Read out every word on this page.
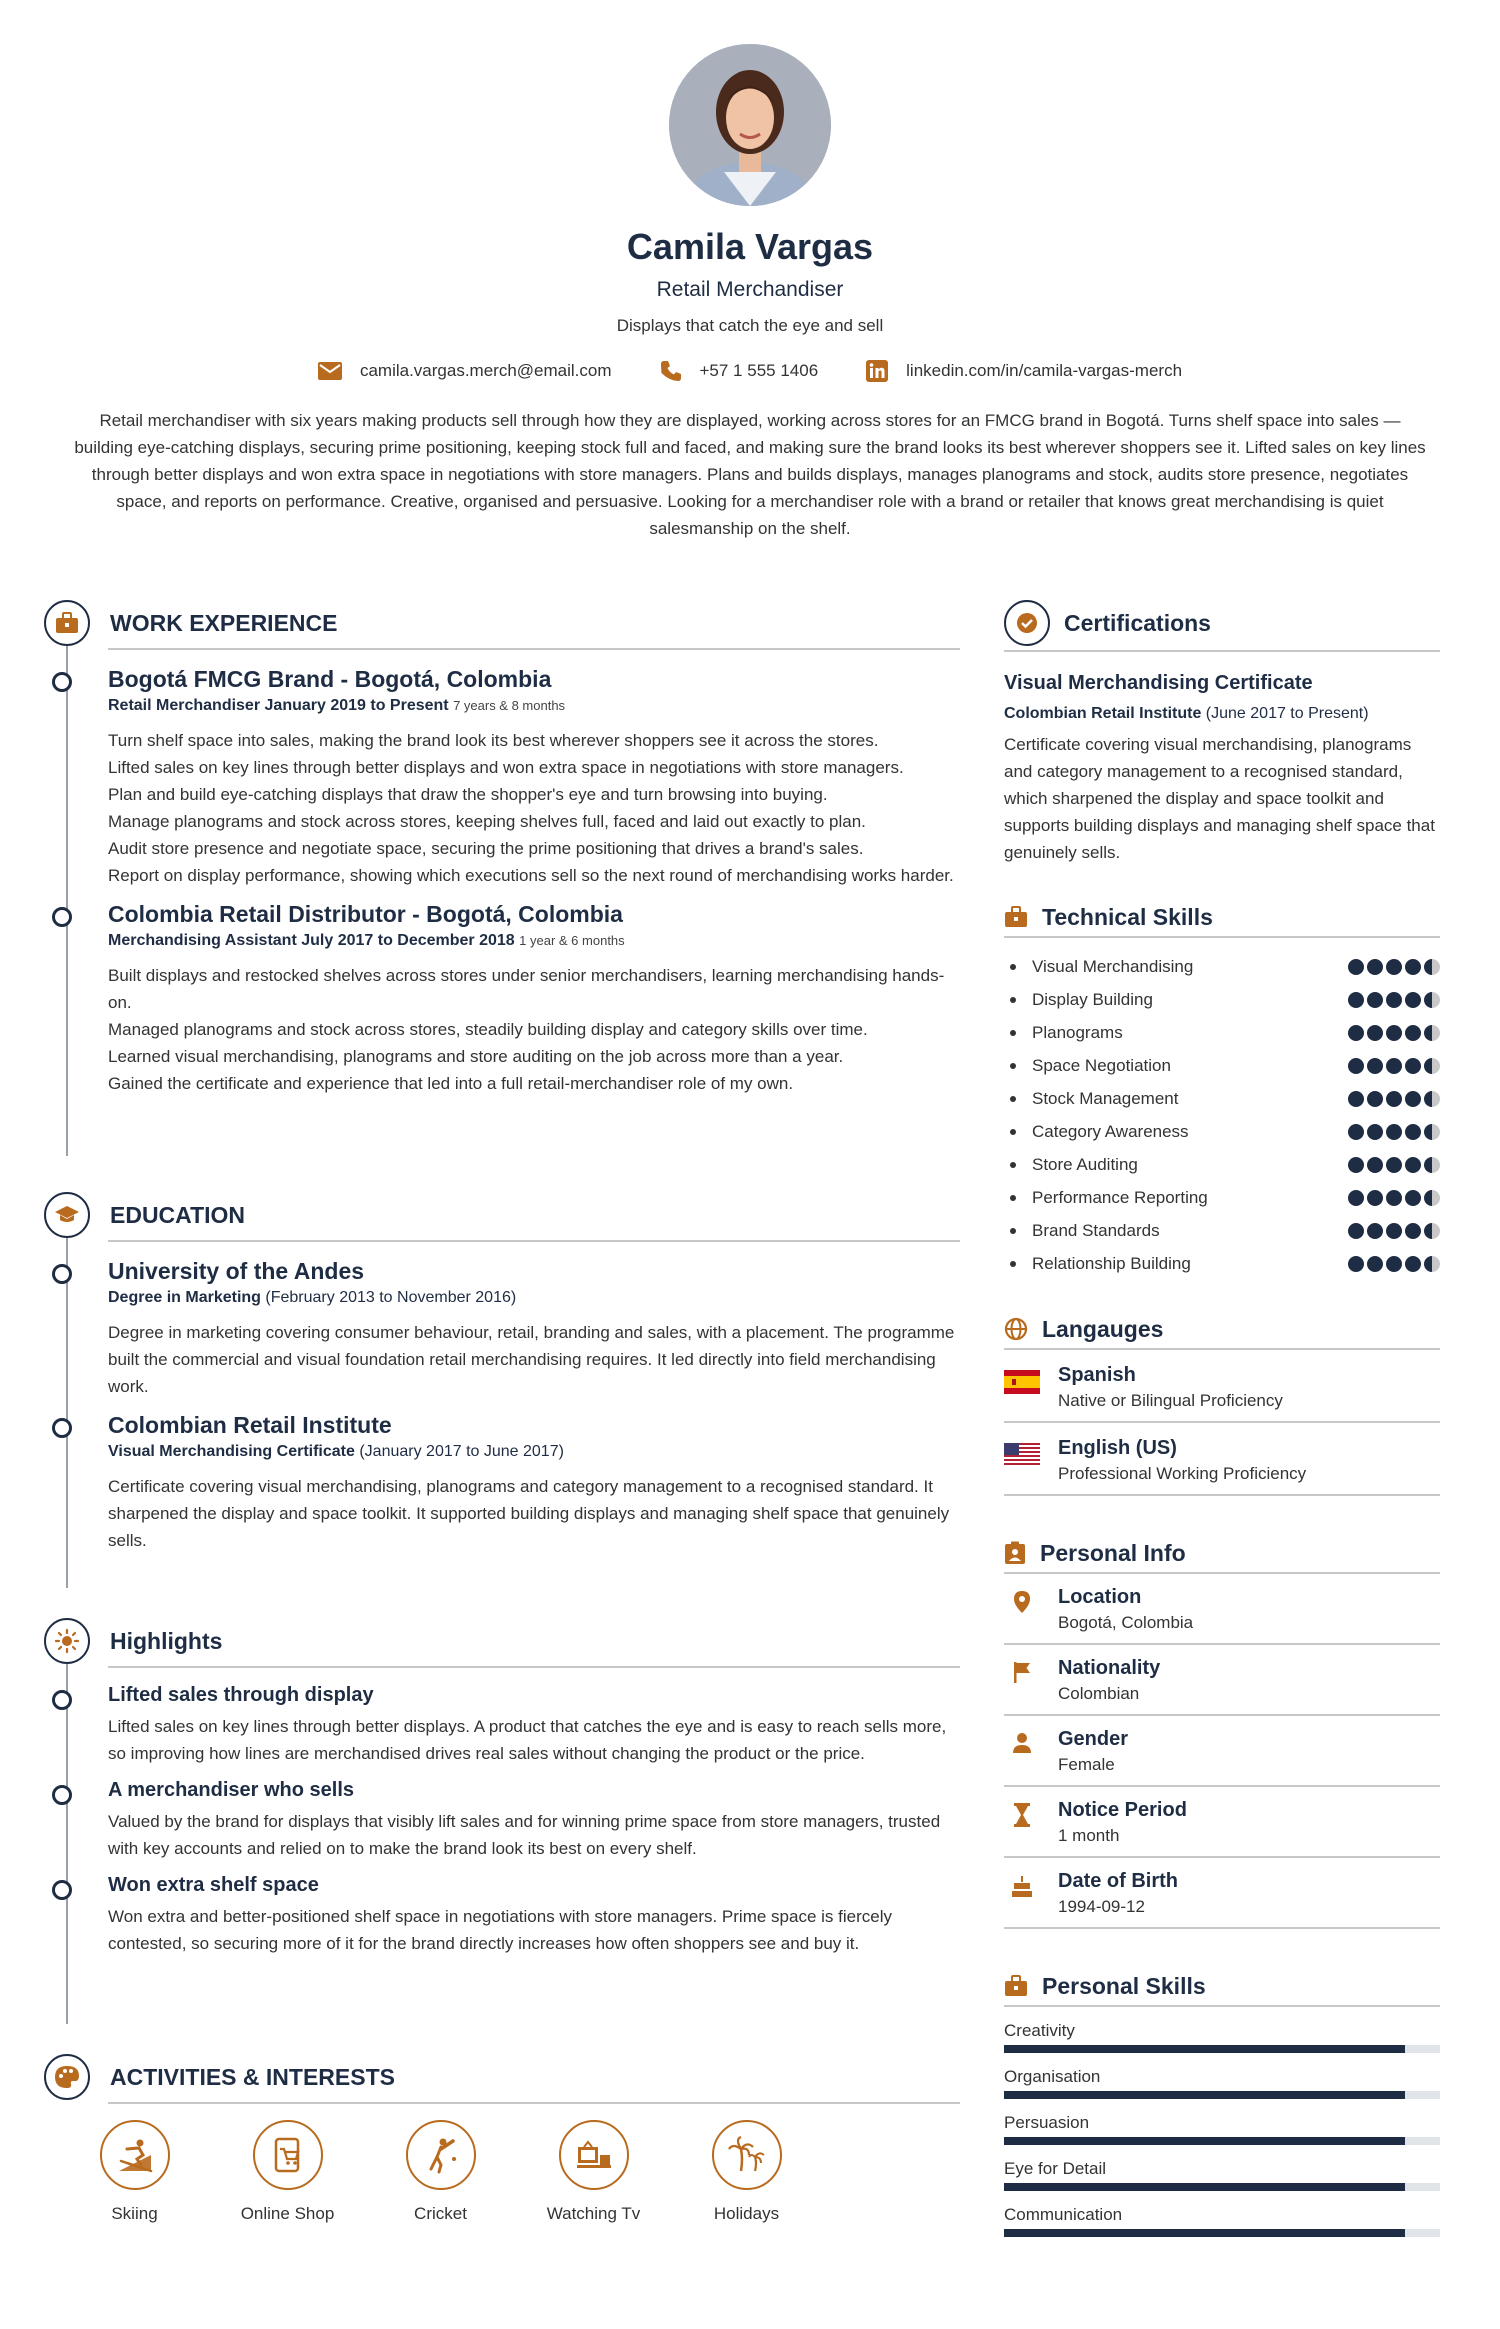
Camila Vargas
Retail Merchandiser
Displays that catch the eye and sell
camila.vargas.merch@email.com	+57 1 555 1406	linkedin.com/in/camila-vargas-merch
Retail merchandiser with six years making products sell through how they are displayed, working across stores for an FMCG brand in Bogotá. Turns shelf space into sales — building eye-catching displays, securing prime positioning, keeping stock full and faced, and making sure the brand looks its best wherever shoppers see it. Lifted sales on key lines through better displays and won extra space in negotiations with store managers. Plans and builds displays, manages planograms and stock, audits store presence, negotiates space, and reports on performance. Creative, organised and persuasive. Looking for a merchandiser role with a brand or retailer that knows great merchandising is quiet salesmanship on the shelf.
WORK EXPERIENCE
Bogotá FMCG Brand - Bogotá, Colombia
Retail Merchandiser January 2019 to Present 7 years & 8 months

Turn shelf space into sales, making the brand look its best wherever shoppers see it across the stores.

Lifted sales on key lines through better displays and won extra space in negotiations with store managers.

Plan and build eye-catching displays that draw the shopper's eye and turn browsing into buying.

Manage planograms and stock across stores, keeping shelves full, faced and laid out exactly to plan.

Audit store presence and negotiate space, securing the prime positioning that drives a brand's sales.

Report on display performance, showing which executions sell so the next round of merchandising works harder.

Colombia Retail Distributor - Bogotá, Colombia
Merchandising Assistant July 2017 to December 2018 1 year & 6 months

Built displays and restocked shelves across stores under senior merchandisers, learning merchandising hands-on.

Managed planograms and stock across stores, steadily building display and category skills over time.

Learned visual merchandising, planograms and store auditing on the job across more than a year.

Gained the certificate and experience that led into a full retail-merchandiser role of my own.

EDUCATION
University of the Andes
Degree in Marketing (February 2013 to November 2016)
Degree in marketing covering consumer behaviour, retail, branding and sales, with a placement. The programme built the commercial and visual foundation retail merchandising requires. It led directly into field merchandising work.
Colombian Retail Institute
Visual Merchandising Certificate (January 2017 to June 2017)
Certificate covering visual merchandising, planograms and category management to a recognised standard. It sharpened the display and space toolkit. It supported building displays and managing shelf space that genuinely sells.
Highlights
Lifted sales through display
Lifted sales on key lines through better displays. A product that catches the eye and is easy to reach sells more, so improving how lines are merchandised drives real sales without changing the product or the price.
A merchandiser who sells
Valued by the brand for displays that visibly lift sales and for winning prime space from store managers, trusted with key accounts and relied on to make the brand look its best on every shelf.
Won extra shelf space
Won extra and better-positioned shelf space in negotiations with store managers. Prime space is fiercely contested, so securing more of it for the brand directly increases how often shoppers see and buy it.
ACTIVITIES & INTERESTS
Skiing	Online Shop	Cricket	Watching Tv	Holidays
Certifications
Visual Merchandising Certificate
Colombian Retail Institute (June 2017 to Present)
Certificate covering visual merchandising, planograms and category management to a recognised standard, which sharpened the display and space toolkit and supports building displays and managing shelf space that genuinely sells.
Technical Skills
Visual Merchandising
Display Building
Planograms
Space Negotiation
Stock Management
Category Awareness
Store Auditing
Performance Reporting
Brand Standards
Relationship Building
Langauges
Spanish
Native or Bilingual Proficiency
English (US)
Professional Working Proficiency
Personal Info
Location
Bogotá, Colombia
Nationality
Colombian
Gender
Female
Notice Period
1 month
Date of Birth
1994-09-12
Personal Skills
Creativity
Organisation
Persuasion
Eye for Detail
Communication
